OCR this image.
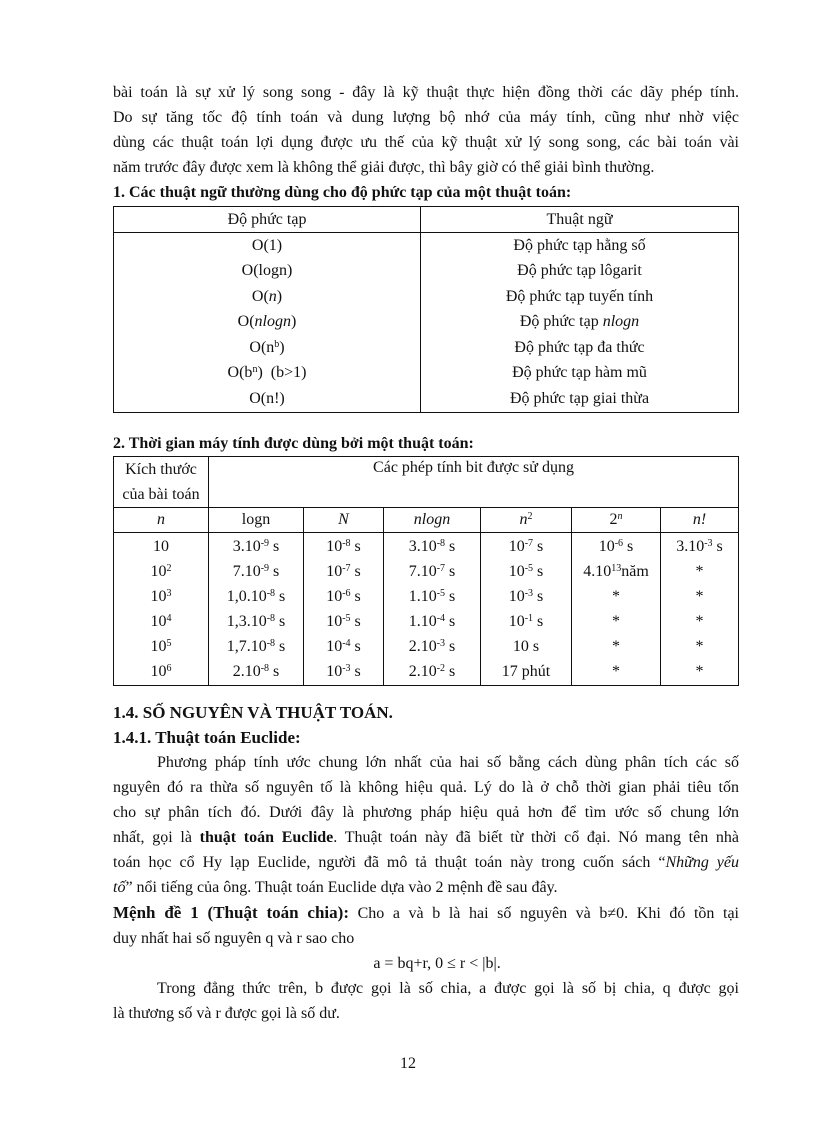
bài toán là sự xử lý song song - đây là kỹ thuật thực hiện đồng thời các dãy phép tính.

Do sự tăng tốc độ tính toán và dung lượng bộ nhớ của máy tính, cũng như nhờ việc

dùng các thuật toán lợi dụng được ưu thế của kỹ thuật xử lý song song, các bài toán vài

năm trước đây được xem là không thể giải được, thì bây giờ có thể giải bình thường.

1. Các thuật ngữ thường dùng cho độ phức tạp của một thuật toán:

Độ phức tạp	Thuật ngữ
O(1)	Độ phức tạp hằng số
O(logn)	Độ phức tạp lôgarit
O(n)	Độ phức tạp tuyến tính
O(nlogn)	Độ phức tạp nlogn
$O(n^b)$	Độ phức tạp đa thức
$O(b^n)$  (b>1)	Độ phức tạp hàm mũ
O(n!)	Độ phức tạp giai thừa

2. Thời gian máy tính được dùng bởi một thuật toán:

Kích thước
của bài toán	Các phép tính bit được sử dụng					
n	logn	N	nlogn	$n^2$	2$^n$	n!
10	$3.10^{-9}$ s	$10^{-8}$ s	$3.10^{-8}$ s	$10^{-7}$ s	$10^{-6}$ s	$3.10^{-3}$ s
$10^2$	$7.10^{-9}$ s	$10^{-7}$ s	$7.10^{-7}$ s	$10^{-5}$ s	4.10$^{13}$năm	*
$10^3$	$1,0.10^{-8}$ s	$10^{-6}$ s	$1.10^{-5}$ s	$10^{-3}$ s	*	*
$10^4$	$1,3.10^{-8}$ s	$10^{-5}$ s	$1.10^{-4}$ s	$10^{-1}$ s	*	*
$10^5$	$1,7.10^{-8}$ s	$10^{-4}$ s	$2.10^{-3}$ s	10 s	*	*
$10^6$	$2.10^{-8}$ s	$10^{-3}$ s	$2.10^{-2}$ s	17 phút	*	*

1.4. SỐ NGUYÊN VÀ THUẬT TOÁN.

1.4.1. Thuật toán Euclide:

Phương pháp tính ước chung lớn nhất của hai số bằng cách dùng phân tích các số

nguyên đó ra thừa số nguyên tố là không hiệu quả. Lý do là ở chỗ thời gian phải tiêu tốn

cho sự phân tích đó. Dưới đây là phương pháp hiệu quả hơn để tìm ước số chung lớn

nhất, gọi là thuật toán Euclide. Thuật toán này đã biết từ thời cổ đại. Nó mang tên nhà

toán học cổ Hy lạp Euclide, người đã mô tả thuật toán này trong cuốn sách “Những yếu

tố” nổi tiếng của ông. Thuật toán Euclide dựa vào 2 mệnh đề sau đây.

Mệnh đề 1 (Thuật toán chia): Cho a và b là hai số nguyên và b≠0. Khi đó tồn tại

duy nhất hai số nguyên q và r sao cho

a = bq+r, 0 ≤ r < |b|.

Trong đẳng thức trên, b được gọi là số chia, a được gọi là số bị chia, q được gọi

là thương số và r được gọi là số dư.

12
